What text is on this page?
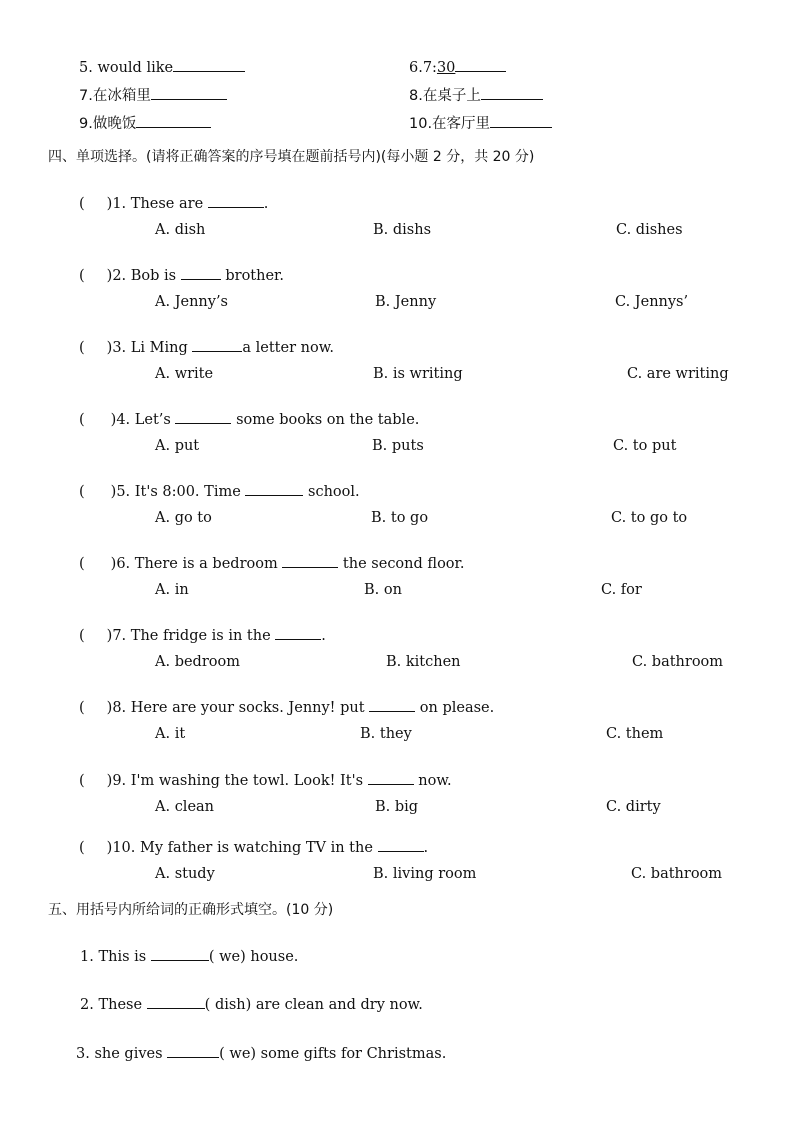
5. would like	6.7:30
7.在冰箱里	8.在桌子上
9.做晚饭	10.在客厅里
四、单项选择。(请将正确答案的序号填在题前括号内)(每小题 2 分，共 20 分)
( )1. These are	.
A. dish	B. dishs	C. dishes
( )2. Bob is	brother.
A. Jenny’s	B. Jenny	C. Jennys’
( )3. Li Ming	a letter now.
A. write	B. is writing	C. are writing
( )4. Let’s	some books on the table.
A. put	B. puts	C. to put
( )5. It's 8:00. Time	school.
A. go to	B. to go	C. to go to
( )6. There is a bedroom	the second floor.
A. in	B. on	C. for
( )7. The fridge is in the	.
A. bedroom	B. kitchen	C. bathroom
( )8. Here are your socks. Jenny! put	on please.
A. it	B. they	C. them
( )9. I'm washing the towl. Look! It's	now.
A. clean	B. big	C. dirty
( )10. My father is watching TV in the	.
A. study	B. living room	C. bathroom
五、用括号内所给词的正确形式填空。(10 分)
1. This is	( we) house.
2. These	( dish) are clean and dry now.
3. she gives	( we) some gifts for Christmas.
